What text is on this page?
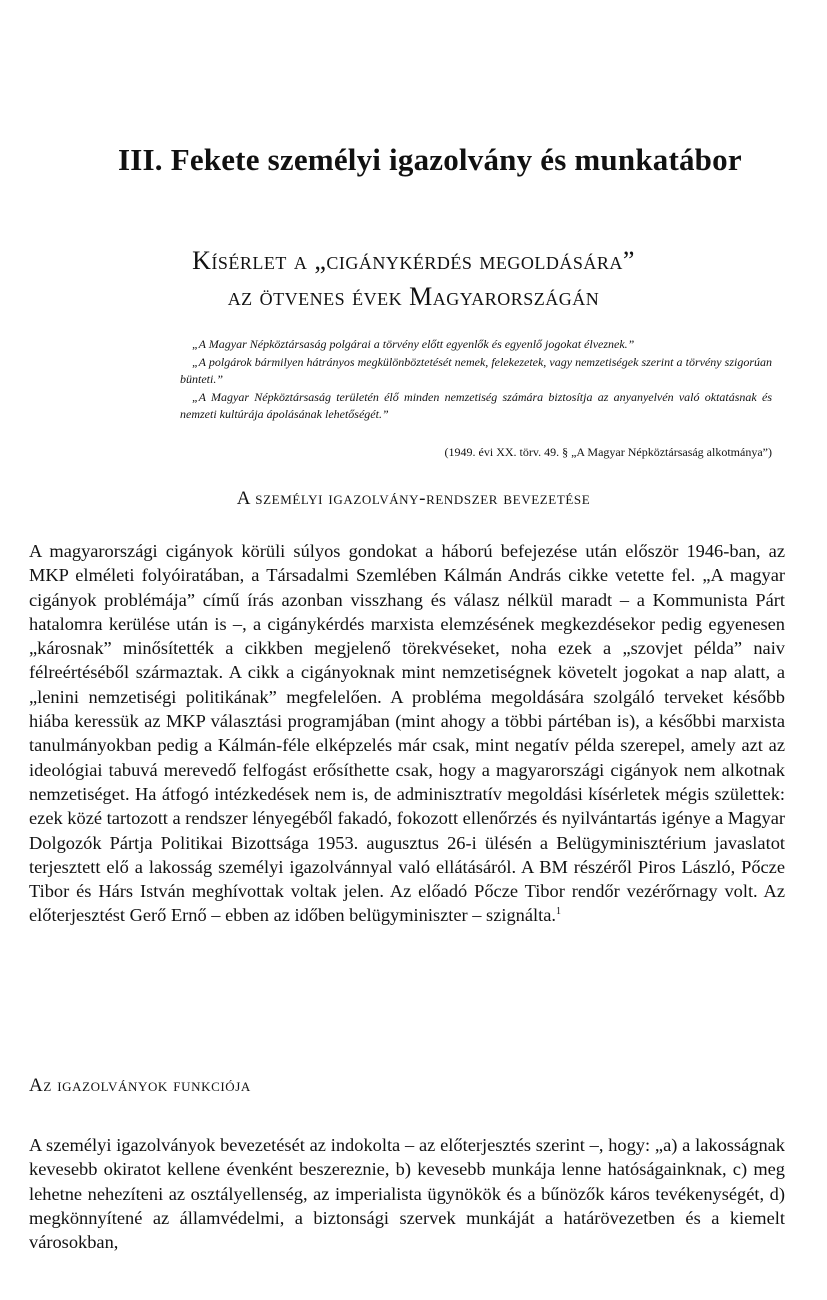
III. Fekete személyi igazolvány és munkatábor
Kísérlet a „cigánykérdés megoldására”
az ötvenes évek Magyarországán

„A Magyar Népköztársaság polgárai a törvény előtt egyenlők és egyenlő jogokat élveznek.”

„A polgárok bármilyen hátrányos megkülönböztetését nemek, felekezetek, vagy nemzetiségek szerint a törvény szigorúan bünteti.”

„A Magyar Népköztársaság területén élő minden nemzetiség számára biztosítja az anyanyelvén való oktatásnak és nemzeti kultúrája ápolásának lehetőségét.”

(1949. évi XX. törv. 49. § „A Magyar Népköztársaság alkotmánya”)
A személyi igazolvány-rendszer bevezetése

A magyarországi cigányok körüli súlyos gondokat a háború befejezése után először 1946-ban, az MKP elméleti folyóiratában, a Társadalmi Szemlében Kálmán András cikke vetette fel. „A magyar cigányok problémája” című írás azonban visszhang és válasz nélkül maradt – a Kommunista Párt hatalomra kerülése után is –, a cigánykérdés marxista elemzésének megkezdésekor pedig egyenesen „károsnak” minősítették a cikkben megjelenő törekvéseket, noha ezek a „szovjet példa” naiv félreértéséből származtak. A cikk a cigányoknak mint nemzetiségnek követelt jogokat a nap alatt, a „lenini nemzetiségi politikának” megfelelően. A probléma megoldására szolgáló terveket később hiába keressük az MKP választási programjában (mint ahogy a többi pártéban is), a későbbi marxista tanulmányokban pedig a Kálmán-féle elképzelés már csak, mint negatív példa szerepel, amely azt az ideológiai tabuvá merevedő felfogást erősíthette csak, hogy a magyarországi cigányok nem alkotnak nemzetiséget. Ha átfogó intézkedések nem is, de adminisztratív megoldási kísérletek mégis születtek: ezek közé tartozott a rendszer lényegéből fakadó, fokozott ellenőrzés és nyilvántartás igénye a Magyar Dolgozók Pártja Politikai Bizottsága 1953. augusztus 26-i ülésén a Belügyminisztérium javaslatot terjesztett elő a lakosság személyi igazolvánnyal való ellátásáról. A BM részéről Piros László, Pőcze Tibor és Hárs István meghívottak voltak jelen. Az előadó Pőcze Tibor rendőr vezérőrnagy volt. Az előterjesztést Gerő Ernő – ebben az időben belügyminiszter – szignálta.$^1$

Az igazolványok funkciója

A személyi igazolványok bevezetését az indokolta – az előterjesztés szerint –, hogy: „a) a lakosságnak kevesebb okiratot kellene évenként beszereznie, b) kevesebb munkája lenne hatóságainknak, c) meg lehetne nehezíteni az osztályellenség, az imperialista ügynökök és a bűnözők káros tevékenységét, d) megkönnyítené az államvédelmi, a biztonsági szervek munkáját a határövezetben és a kiemelt városokban,
